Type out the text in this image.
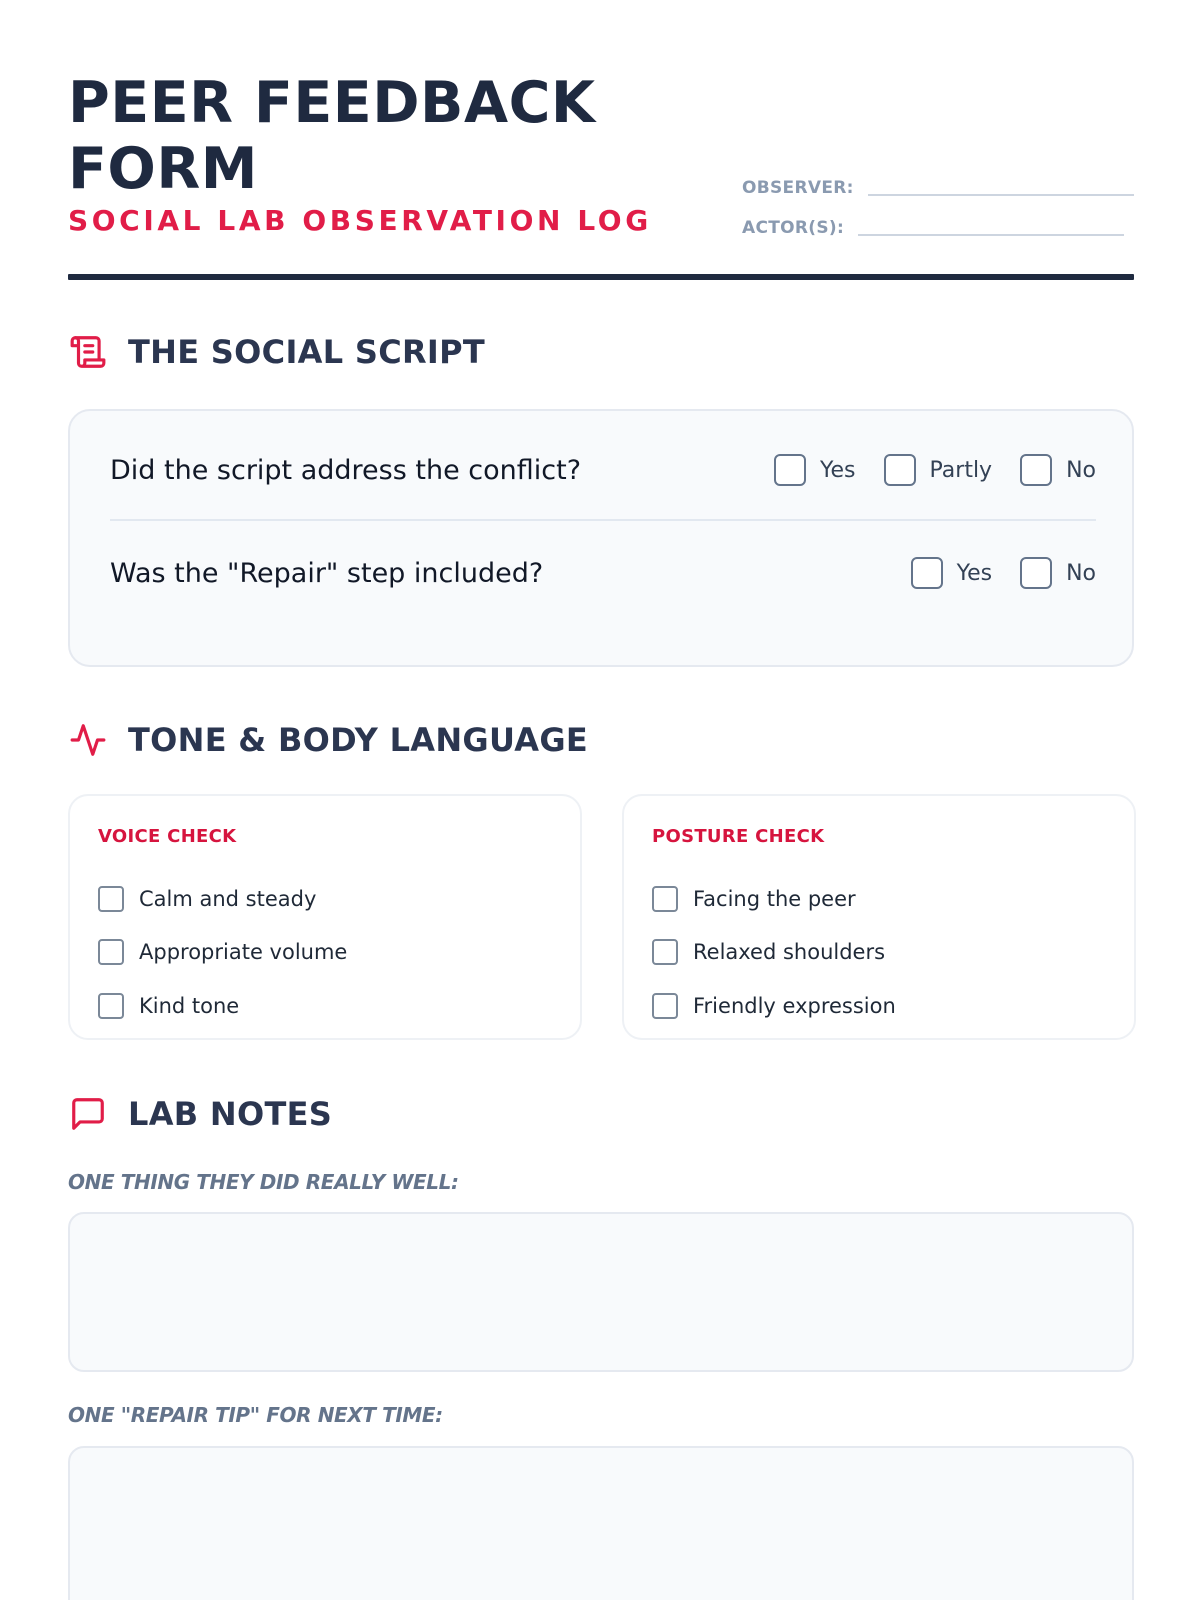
PEER FEEDBACK
FORM
SOCIAL LAB OBSERVATION LOG
OBSERVER:
ACTOR(S):
THE SOCIAL SCRIPT
Did the script address the conflict?	Yes	Partly	No
Was the "Repair" step included?	Yes	No
TONE & BODY LANGUAGE
VOICE CHECK
Calm and steady
Appropriate volume
Kind tone
POSTURE CHECK
Facing the peer
Relaxed shoulders
Friendly expression
LAB NOTES
ONE THING THEY DID REALLY WELL:
ONE "REPAIR TIP" FOR NEXT TIME:
